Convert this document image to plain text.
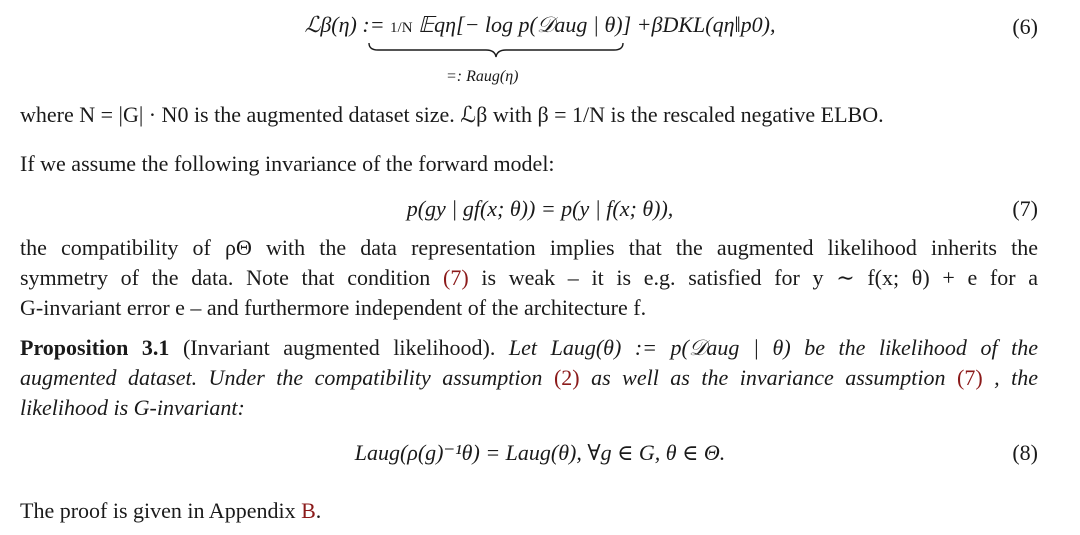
ℒβ(η) := 1/N 𝔼qη[− log p(𝒟aug | θ)] +βDKL(qη‖p0),
=: Raug(η)
(6)
where N = |G| · N0 is the augmented dataset size. ℒβ with β = 1/N is the rescaled negative ELBO.
If we assume the following invariance of the forward model:
p(gy | gf(x; θ)) = p(y | f(x; θ)),	(7)
the compatibility of ρΘ with the data representation implies that the augmented likelihood inherits the
symmetry of the data. Note that condition (7) is weak – it is e.g. satisfied for y ∼ f(x; θ) + e for a
G-invariant error e – and furthermore independent of the architecture f.
Proposition 3.1 (Invariant augmented likelihood). Let Laug(θ) := p(𝒟aug | θ) be the likelihood of the
augmented dataset. Under the compatibility assumption (2) as well as the invariance assumption (7) , the
likelihood is G-invariant:
Laug(ρ(g)⁻¹θ) = Laug(θ), ∀g ∈ G, θ ∈ Θ.	(8)
The proof is given in Appendix B.
